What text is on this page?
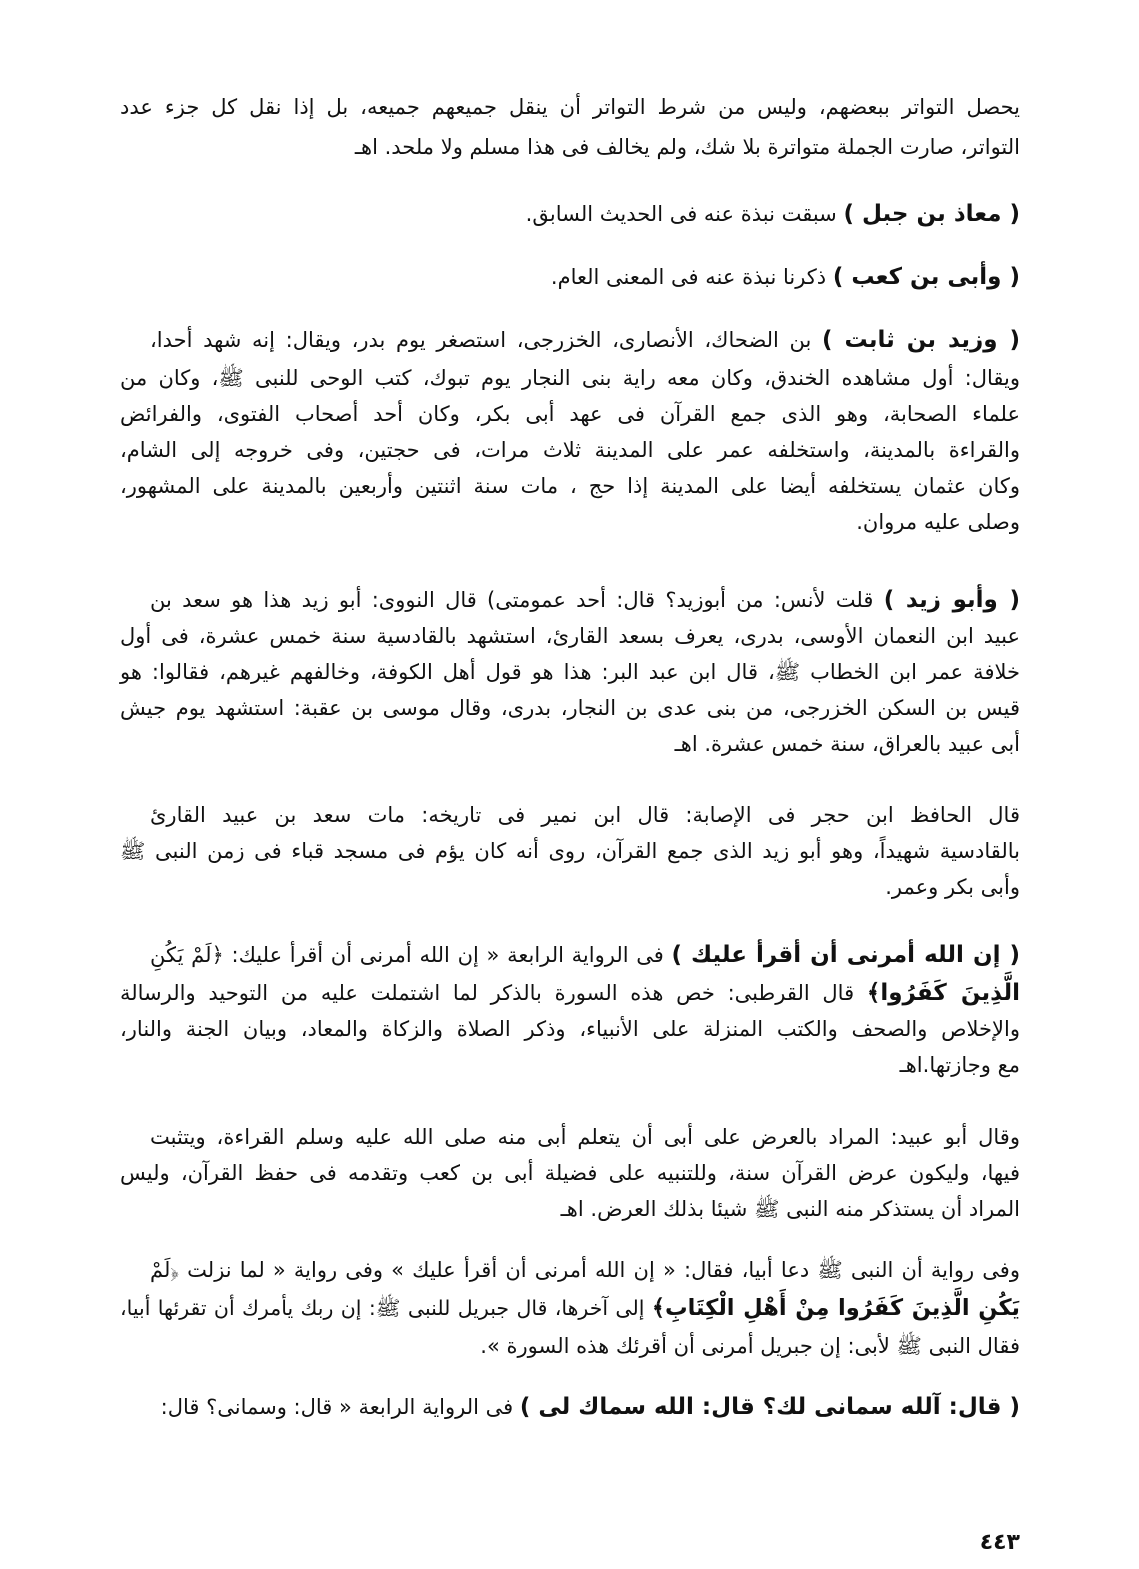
يحصل التواتر ببعضهم، وليس من شرط التواتر أن ينقل جميعهم جميعه، بل إذا نقل كل جزء عدد
التواتر، صارت الجملة متواترة بلا شك، ولم يخالف فى هذا مسلم ولا ملحد. اهـ
( معاذ بن جبل ) سبقت نبذة عنه فى الحديث السابق.
( وأبى بن كعب ) ذكرنا نبذة عنه فى المعنى العام.
( وزيد بن ثابت ) بن الضحاك، الأنصارى، الخزرجى، استصغر يوم بدر، ويقال: إنه شهد أحدا،
ويقال: أول مشاهده الخندق، وكان معه راية بنى النجار يوم تبوك، كتب الوحى للنبى ﷺ، وكان من
علماء الصحابة، وهو الذى جمع القرآن فى عهد أبى بكر، وكان أحد أصحاب الفتوى، والفرائض
والقراءة بالمدينة، واستخلفه عمر على المدينة ثلاث مرات، فى حجتين، وفى خروجه إلى الشام،
وكان عثمان يستخلفه أيضا على المدينة إذا حج ، مات سنة اثنتين وأربعين بالمدينة على المشهور،
وصلى عليه مروان.
( وأبو زيد ) قلت لأنس: من أبوزيد؟ قال: أحد عمومتى) قال النووى: أبو زيد هذا هو سعد بن
عبيد ابن النعمان الأوسى، بدرى، يعرف بسعد القارئ، استشهد بالقادسية سنة خمس عشرة، فى أول
خلافة عمر ابن الخطاب ﷺ، قال ابن عبد البر: هذا هو قول أهل الكوفة، وخالفهم غيرهم، فقالوا: هو
قيس بن السكن الخزرجى، من بنى عدى بن النجار، بدرى، وقال موسى بن عقبة: استشهد يوم جيش
أبى عبيد بالعراق، سنة خمس عشرة. اهـ
قال الحافظ ابن حجر فى الإصابة: قال ابن نمير فى تاريخه: مات سعد بن عبيد القارئ
بالقادسية شهيداً، وهو أبو زيد الذى جمع القرآن، روى أنه كان يؤم فى مسجد قباء فى زمن النبى ﷺ
وأبى بكر وعمر.
( إن الله أمرنى أن أقرأ عليك ) فى الرواية الرابعة « إن الله أمرنى أن أقرأ عليك: ﴿لَمْ يَكُنِ
الَّذِينَ كَفَرُوا﴾ قال القرطبى: خص هذه السورة بالذكر لما اشتملت عليه من التوحيد والرسالة
والإخلاص والصحف والكتب المنزلة على الأنبياء، وذكر الصلاة والزكاة والمعاد، وبيان الجنة والنار،
مع وجازتها.اهـ
وقال أبو عبيد: المراد بالعرض على أبى أن يتعلم أبى منه صلى الله عليه وسلم القراءة، ويتثبت
فيها، وليكون عرض القرآن سنة، وللتنبيه على فضيلة أبى بن كعب وتقدمه فى حفظ القرآن، وليس
المراد أن يستذكر منه النبى ﷺ شيئا بذلك العرض. اهـ
وفى رواية أن النبى ﷺ دعا أبيا، فقال: « إن الله أمرنى أن أقرأ عليك » وفى رواية « لما نزلت ﴿لَمْ
يَكُنِ الَّذِينَ كَفَرُوا مِنْ أَهْلِ الْكِتَابِ﴾ إلى آخرها، قال جبريل للنبى ﷺ: إن ربك يأمرك أن تقرئها أبيا،
فقال النبى ﷺ لأبى: إن جبريل أمرنى أن أقرئك هذه السورة ».
( قال: آلله سمانى لك؟ قال: الله سماك لى ) فى الرواية الرابعة « قال: وسمانى؟ قال:
٤٤٣
